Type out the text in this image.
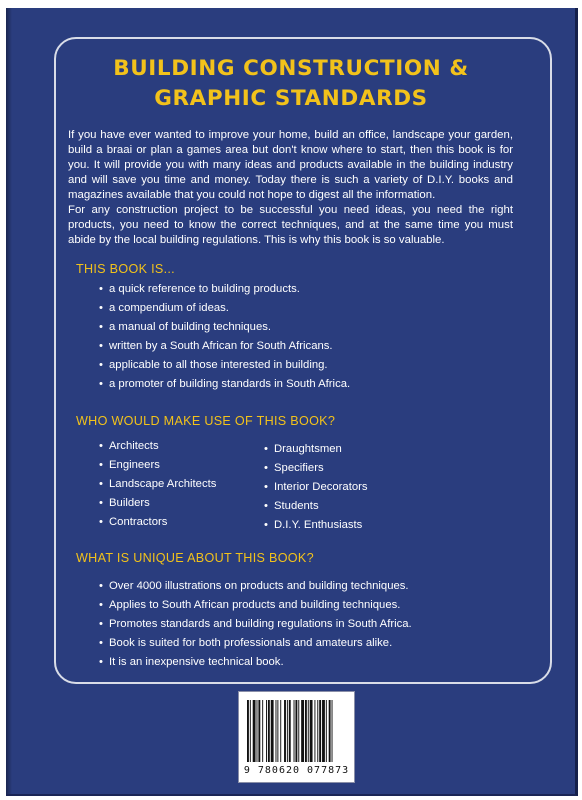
BUILDING CONSTRUCTION &
GRAPHIC STANDARDS

If you have ever wanted to improve your home, build an office, landscape your garden, build a braai or plan a games area but don't know where to start, then this book is for you. It will provide you with many ideas and products available in the building industry and will save you time and money. Today there is such a variety of D.I.Y. books and magazines available that you could not hope to digest all the information.

For any construction project to be successful you need ideas, you need the right products, you need to know the correct techniques, and at the same time you must abide by the local building regulations. This is why this book is so valuable.

THIS BOOK IS...
• a quick reference to building products.
• a compendium of ideas.
• a manual of building techniques.
• written by a South African for South Africans.
• applicable to all those interested in building.
• a promoter of building standards in South Africa.
WHO WOULD MAKE USE OF THIS BOOK?
• Architects
• Engineers
• Landscape Architects
• Builders
• Contractors
• Draughtsmen
• Specifiers
• Interior Decorators
• Students
• D.I.Y. Enthusiasts
WHAT IS UNIQUE ABOUT THIS BOOK?
• Over 4000 illustrations on products and building techniques.
• Applies to South African products and building techniques.
• Promotes standards and building regulations in South Africa.
• Book is suited for both professionals and amateurs alike.
• It is an inexpensive technical book.
9 780620 077873
